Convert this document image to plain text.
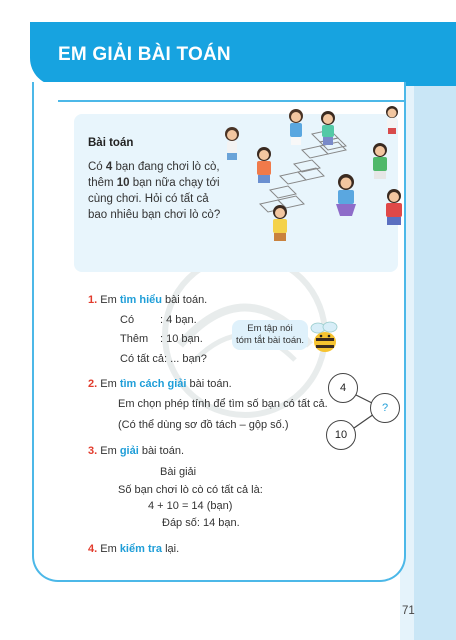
EM GIẢI BÀI TOÁN
Bài toán
Có 4 bạn đang chơi lò cò,
thêm 10 bạn nữa chạy tới
cùng chơi. Hỏi có tất cả
bao nhiêu bạn chơi lò cò?
1. Em tìm hiểu bài toán.
Có : 4 bạn.
Thêm : 10 bạn.
Có tất cả: ... bạn?
Em tập nói
tóm tắt bài toán.
2. Em tìm cách giải bài toán.
Em chọn phép tính để tìm số bạn có tất cả.
(Có thể dùng sơ đồ tách – gộp số.)
4
10
?
3. Em giải bài toán.
Bài giải
Số bạn chơi lò cò có tất cả là:
4 + 10 = 14 (bạn)
Đáp số: 14 bạn.
4. Em kiểm tra lại.
71
